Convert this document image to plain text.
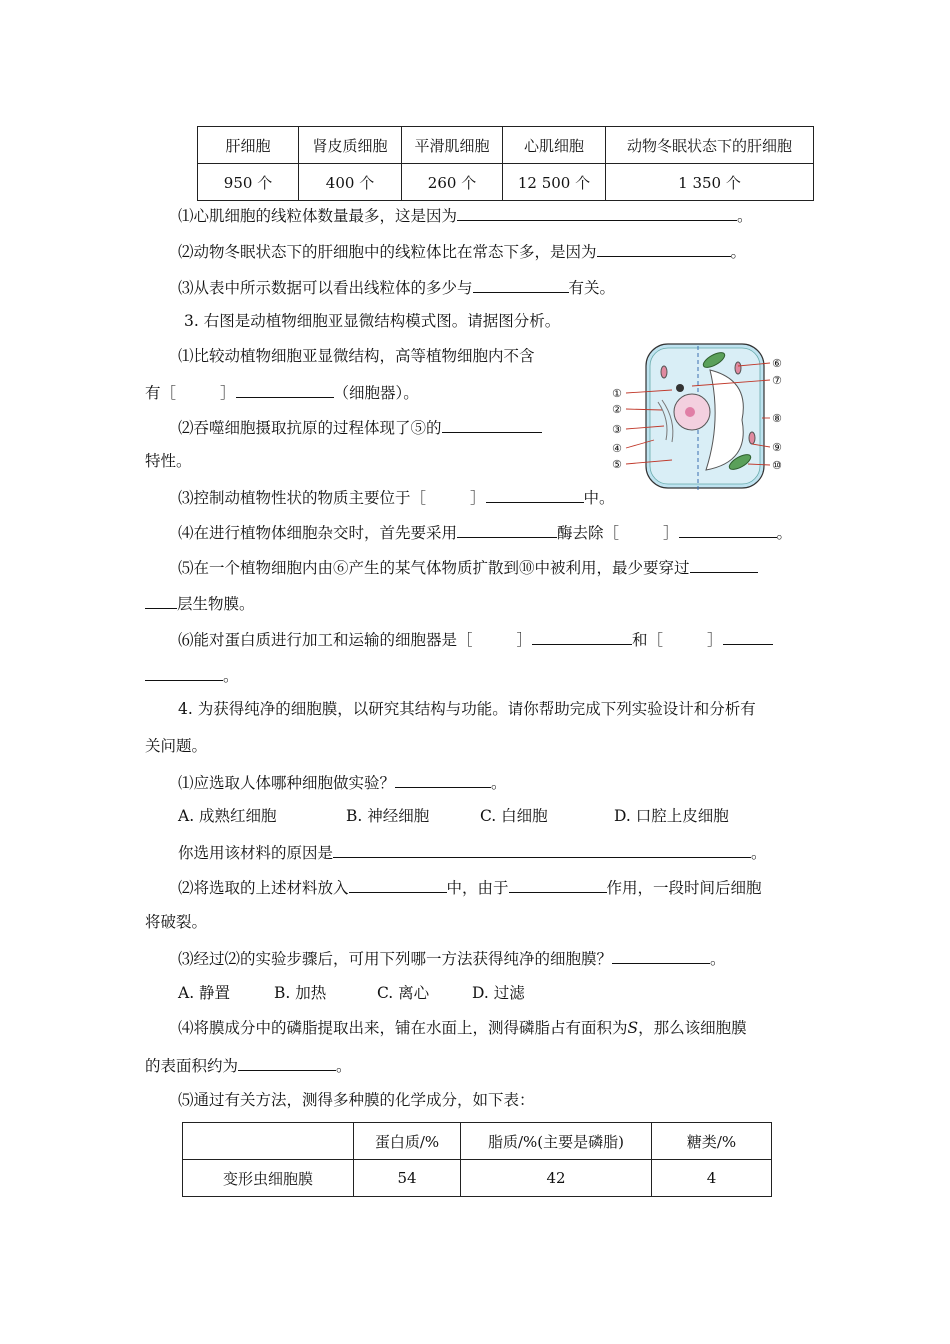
肝细胞	肾皮质细胞	平滑肌细胞	心肌细胞	动物冬眠状态下的肝细胞
950 个	400 个	260 个	12 500 个	1 350 个
⑴心肌细胞的线粒体数量最多，这是因为	。
⑵动物冬眠状态下的肝细胞中的线粒体比在常态下多，是因为	。
⑶从表中所示数据可以看出线粒体的多少与	有关。
3. 右图是动植物细胞亚显微结构模式图。请据图分析。
⑴比较动植物细胞亚显微结构，高等植物细胞内不含
有［	］	（细胞器）。
⑵吞噬细胞摄取抗原的过程体现了⑤的
特性。
⑶控制动植物性状的物质主要位于［	］	中。
⑷在进行植物体细胞杂交时，首先要采用	酶去除［	］	。
⑸在一个植物细胞内由⑥产生的某气体物质扩散到⑩中被利用，最少要穿过
层生物膜。
⑹能对蛋白质进行加工和运输的细胞器是［	］	和［	］
。
①
②
③
④
⑤
⑥
⑦
⑧
⑨
⑩
4. 为获得纯净的细胞膜，以研究其结构与功能。请你帮助完成下列实验设计和分析有
关问题。
⑴应选取人体哪种细胞做实验？	。
A. 成熟红细胞	B. 神经细胞	C. 白细胞	D. 口腔上皮细胞
你选用该材料的原因是	。
⑵将选取的上述材料放入	中，由于	作用，一段时间后细胞
将破裂。
⑶经过⑵的实验步骤后，可用下列哪一方法获得纯净的细胞膜？	。
A. 静置	B. 加热	C. 离心	D. 过滤
⑷将膜成分中的磷脂提取出来，铺在水面上，测得磷脂占有面积为S，那么该细胞膜
的表面积约为	。
⑸通过有关方法，测得多种膜的化学成分，如下表：
	蛋白质/%	脂质/%(主要是磷脂)	糖类/%
变形虫细胞膜	54	42	4
